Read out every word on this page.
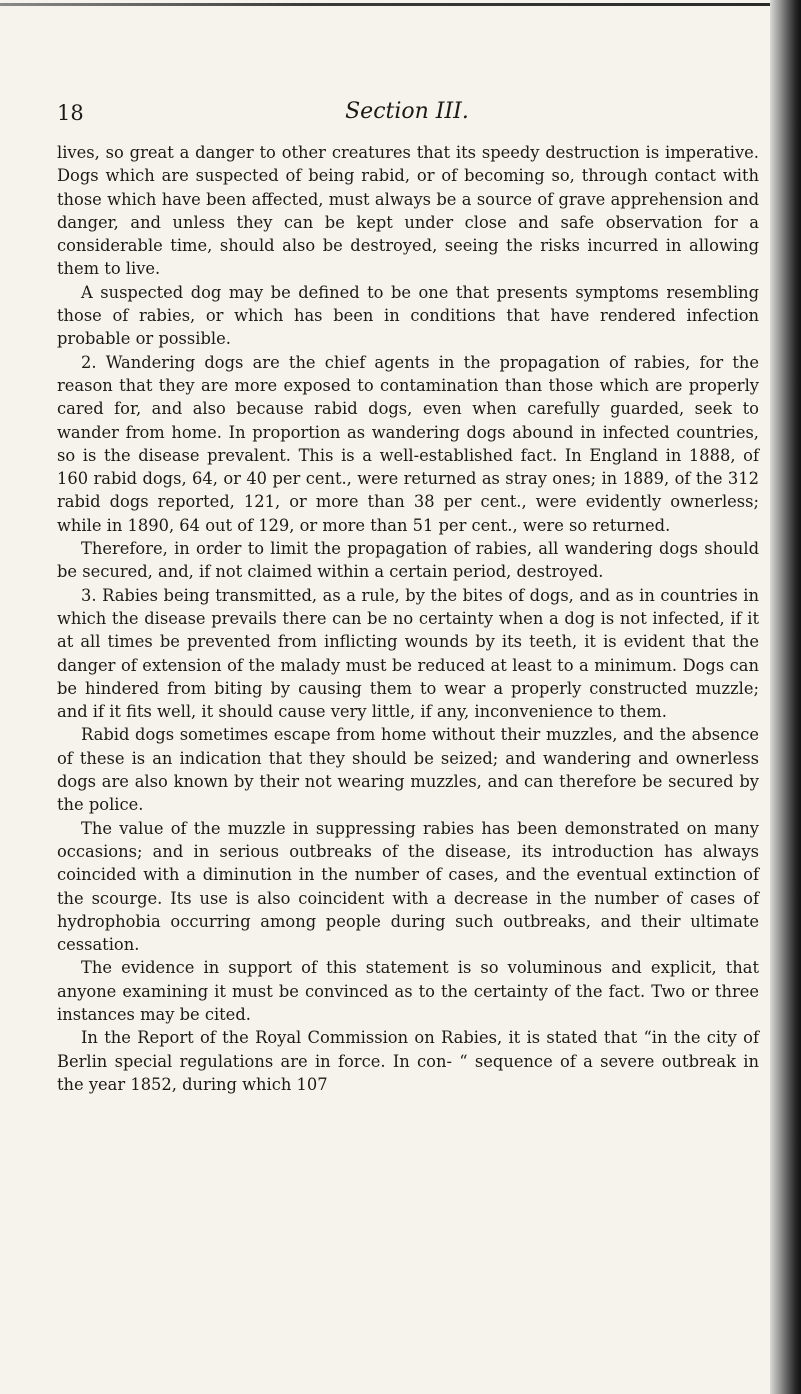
18	Section III.

lives, so great a danger to other creatures that its speedy destruction is imperative. Dogs which are suspected of being rabid, or of becoming so, through contact with those which have been affected, must always be a source of grave apprehension and danger, and unless they can be kept under close and safe observation for a considerable time, should also be destroyed, seeing the risks incurred in allowing them to live.

A suspected dog may be defined to be one that presents symptoms resembling those of rabies, or which has been in conditions that have rendered infection probable or possible.

2. Wandering dogs are the chief agents in the propagation of rabies, for the reason that they are more exposed to contamination than those which are properly cared for, and also because rabid dogs, even when carefully guarded, seek to wander from home. In proportion as wandering dogs abound in infected countries, so is the disease prevalent. This is a well-established fact. In England in 1888, of 160 rabid dogs, 64, or 40 per cent., were returned as stray ones; in 1889, of the 312 rabid dogs reported, 121, or more than 38 per cent., were evidently ownerless; while in 1890, 64 out of 129, or more than 51 per cent., were so returned.

Therefore, in order to limit the propagation of rabies, all wandering dogs should be secured, and, if not claimed within a certain period, destroyed.

3. Rabies being transmitted, as a rule, by the bites of dogs, and as in countries in which the disease prevails there can be no certainty when a dog is not infected, if it at all times be prevented from inflicting wounds by its teeth, it is evident that the danger of extension of the malady must be reduced at least to a minimum. Dogs can be hindered from biting by causing them to wear a properly constructed muzzle; and if it fits well, it should cause very little, if any, inconvenience to them.

Rabid dogs sometimes escape from home without their muzzles, and the absence of these is an indication that they should be seized; and wandering and ownerless dogs are also known by their not wearing muzzles, and can therefore be secured by the police.

The value of the muzzle in suppressing rabies has been demonstrated on many occasions; and in serious outbreaks of the disease, its introduction has always coincided with a diminution in the number of cases, and the eventual extinction of the scourge. Its use is also coincident with a decrease in the number of cases of hydrophobia occurring among people during such outbreaks, and their ultimate cessation.

The evidence in support of this statement is so voluminous and explicit, that anyone examining it must be convinced as to the certainty of the fact. Two or three instances may be cited.

In the Report of the Royal Commission on Rabies, it is stated that “in the city of Berlin special regulations are in force. In con- “ sequence of a severe outbreak in the year 1852, during which 107
